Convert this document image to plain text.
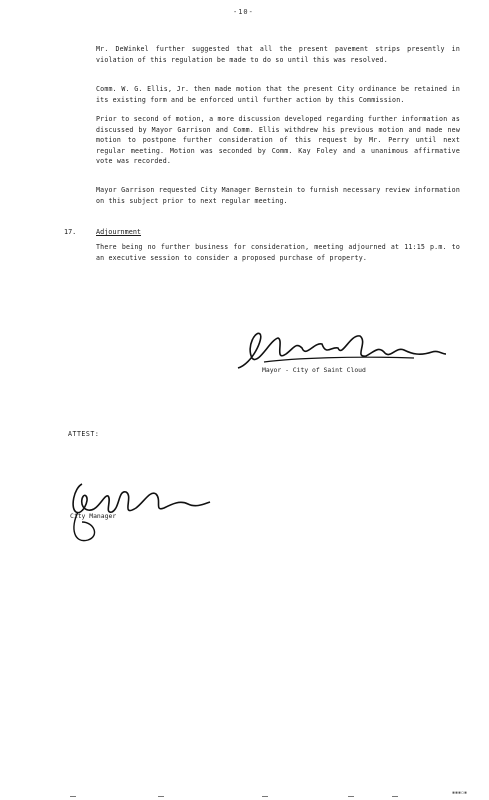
-10-
Mr. DeWinkel further suggested that all the present pavement strips presently in violation of this regulation be made to do so until this was resolved.
Comm. W. G. Ellis, Jr. then made motion that the present City ordinance be retained in its existing form and be enforced until further action by this Commission.
Prior to second of motion, a more discussion developed regarding further information as discussed by Mayor Garrison and Comm. Ellis withdrew his previous motion and made new motion to postpone further consideration of this request by Mr. Perry until next regular meeting. Motion was seconded by Comm. Kay Foley and a unanimous affirmative vote was recorded.
Mayor Garrison requested City Manager Bernstein to furnish necessary review information on this subject prior to next regular meeting.
17.	Adjournment
There being no further business for consideration, meeting adjourned at 11:15 p.m. to an executive session to consider a proposed purchase of property.
Mayor - City of Saint Cloud
ATTEST:
City Manager
▪▪▪▫▪
